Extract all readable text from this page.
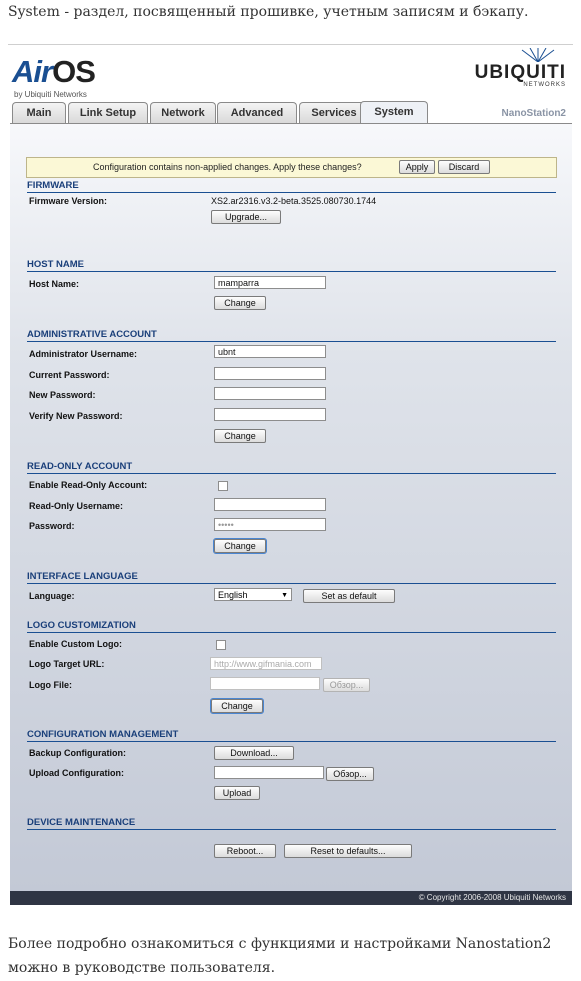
System - раздел, посвященный прошивке, учетным записям и бэкапу.
AirOS
by Ubiquiti Networks
UBIQUITI
NETWORKS
Main	Link Setup	Network	Advanced	Services	System	NanoStation2
Configuration contains non-applied changes. Apply these changes?	Apply	Discard
FIRMWARE
Firmware Version:	XS2.ar2316.v3.2-beta.3525.080730.1744
Upgrade...
HOST NAME
Host Name:	mamparra
Change
ADMINISTRATIVE ACCOUNT
Administrator Username:	ubnt
Current Password:
New Password:
Verify New Password:
Change
READ-ONLY ACCOUNT
Enable Read-Only Account:
Read-Only Username:
Password:	•••••
Change
INTERFACE LANGUAGE
Language:	English	▼	Set as default
LOGO CUSTOMIZATION
Enable Custom Logo:
Logo Target URL:	http://www.gifmania.com
Logo File:	Обзор...
Change
CONFIGURATION MANAGEMENT
Backup Configuration:	Download...
Upload Configuration:	Обзор...
Upload
DEVICE MAINTENANCE
Reboot...	Reset to defaults...
© Copyright 2006-2008 Ubiquiti Networks
Более подробно ознакомиться с функциями и настройками Nanostation2 можно в руководстве пользователя.
